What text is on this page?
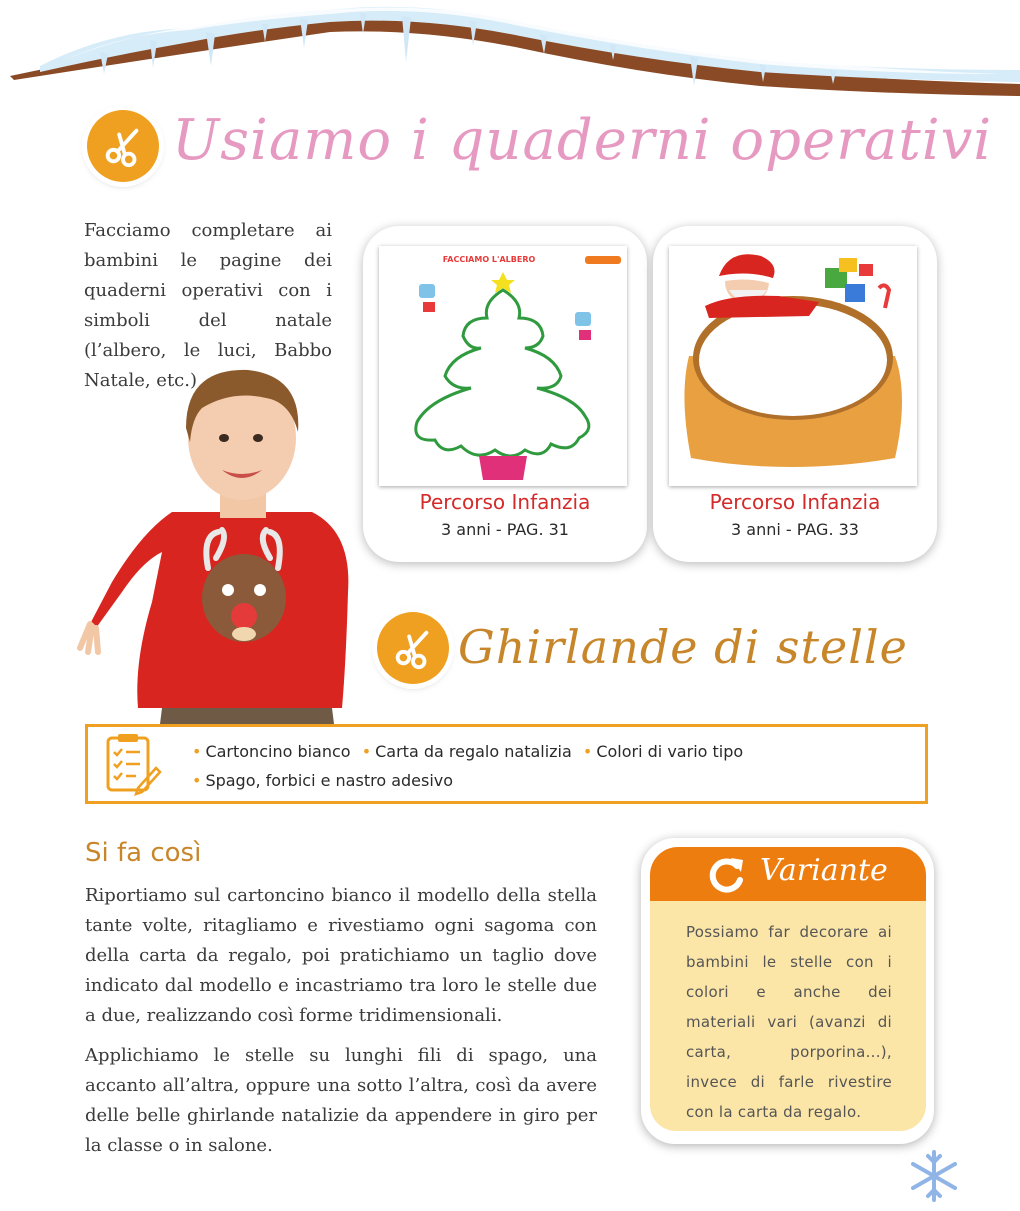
Usiamo i quaderni operativi
Facciamo completare ai bambini le pagine dei quaderni operativi con i simboli del natale (l’albero, le luci, Babbo Natale, etc.)
FACCIAMO L'ALBERO
Percorso Infanzia
3 anni - PAG. 31
Percorso Infanzia
3 anni - PAG. 33
Ghirlande di stelle
• Cartoncino bianco • Carta da regalo natalizia • Colori di vario tipo
• Spago, forbici e nastro adesivo
Si fa così
Riportiamo sul cartoncino bianco il modello della stella tante volte, ritagliamo e rivestiamo ogni sagoma con della carta da regalo, poi pratichiamo un taglio dove indicato dal modello e incastriamo tra loro le stelle due a due, realizzando così forme tridimensionali.
Applichiamo le stelle su lunghi fili di spago, una accanto all’altra, oppure una sotto l’altra, così da avere delle belle ghirlande natalizie da appendere in giro per la classe o in salone.
Variante
Possiamo far decorare ai bambini le stelle con i colori e anche dei materiali vari (avanzi di carta, porporina...), invece di farle rivestire con la carta da regalo.
